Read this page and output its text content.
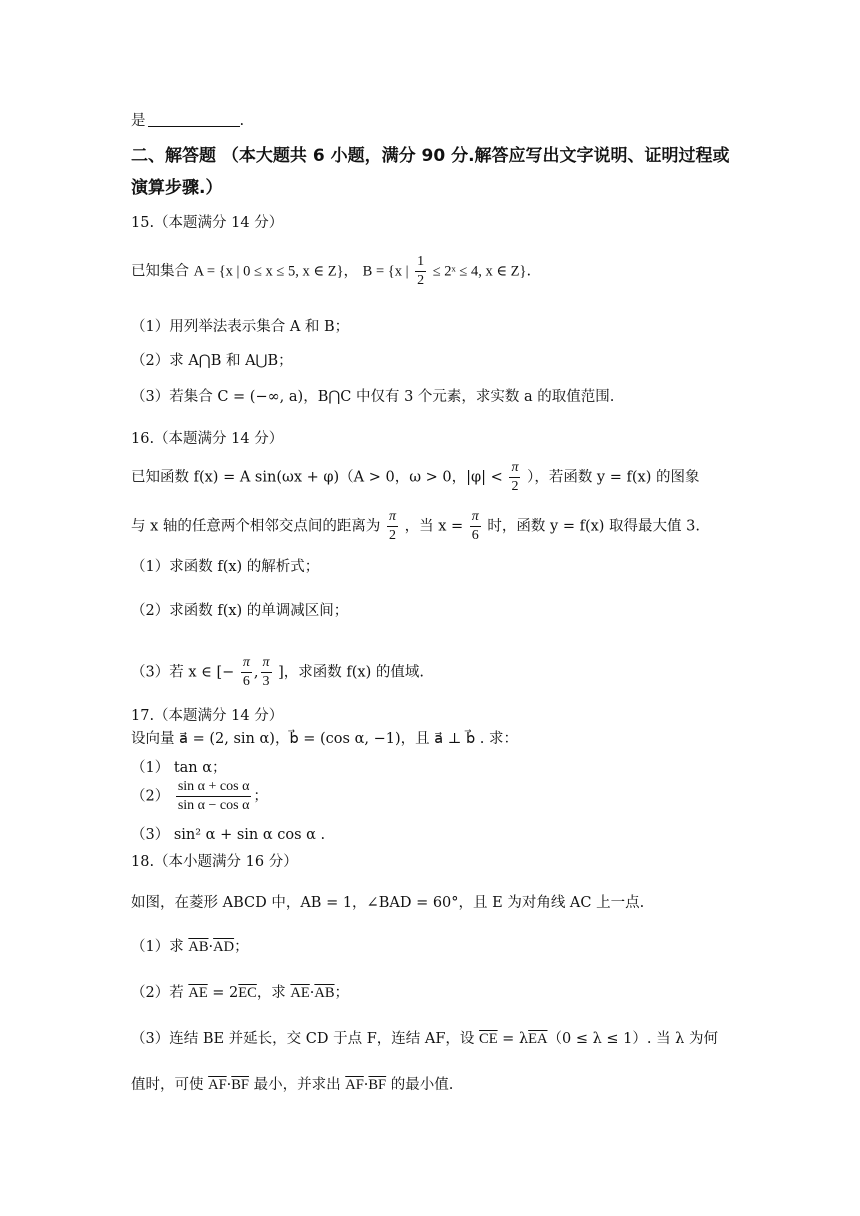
是	.
二、解答题 （本大题共 6 小题，满分 90 分.解答应写出文字说明、证明过程或
演算步骤.）
15.（本题满分 14 分）
已知集合 A = {x | 0 ≤ x ≤ 5, x ∈ Z}， B = {x | $\frac{1}{2}$ ≤ 2ˣ ≤ 4, x ∈ Z}.
（1）用列举法表示集合 A 和 B；
（2）求 A⋂B 和 A⋃B；
（3）若集合 C = (−∞, a)，B⋂C 中仅有 3 个元素，求实数 a 的取值范围.
16.（本题满分 14 分）
已知函数 f(x) = A sin(ωx + φ)（A > 0，ω > 0，$|\varphi| < \frac{\pi}{2}$ ），若函数 y = f(x) 的图象
与 x 轴的任意两个相邻交点间的距离为 $\frac{\pi}{2}$ ，当 $x = \frac{\pi}{6}$ 时，函数 y = f(x) 取得最大值 3.
（1）求函数 f(x) 的解析式；
（2）求函数 f(x) 的单调减区间；
（3）若 x ∈ [− $\frac{\pi}{6}$ , $\frac{\pi}{3}$ ]，求函数 f(x) 的值域.
17.（本题满分 14 分）
设向量 a⃗ = (2, sin α)，b⃗ = (cos α, −1)，且 a⃗ ⊥ b⃗ . 求：
（1） tan α；
$(2) \frac{\text{sin α + cos α}}{\text{sin α − cos α}}$ ；
（3） sin² α + sin α cos α .
18.（本小题满分 16 分）
如图，在菱形 ABCD 中，AB = 1，∠BAD = 60°，且 E 为对角线 AC 上一点.
（1）求 $\overline{AB}\cdot\overline{AD}$；
（2）若 $\overline{AE} = 2\overline{EC}$，求 $\overline{AE}\cdot\overline{AB}$；
（3）连结 BE 并延长，交 CD 于点 F，连结 AF，设 $\overline{CE} = \lambda\overline{EA}(0 \le \lambda \le 1)$. 当 λ 为何
值时，可使 $\overline{AF}\cdot\overline{BF}$ 最小，并求出 $\overline{AF}\cdot\overline{BF}$ 的最小值.
